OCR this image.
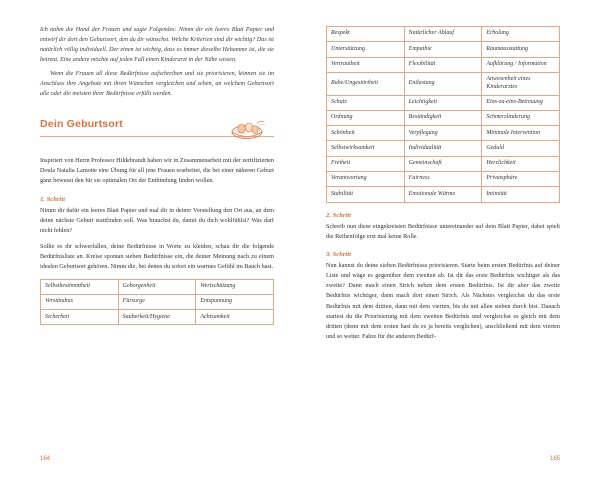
Ich nahm die Hand der Frauen und sagte Folgendes: Nimm dir ein leeres Blatt Papier und entwirf dir dort den Geburtsort, den du dir wünschst. Welche Kriterien sind dir wichtig? Das ist natürlich völlig individuell. Der einen ist wichtig, dass es immer dieselbe Hebamme ist, die sie betreut. Eine andere möchte auf jeden Fall einen Kinderarzt in der Nähe wissen.

Wenn die Frauen all diese Bedürfnisse aufschreiben und sie priorisieren, können sie im Anschluss ihre Angebote mit ihren Wünschen vergleichen und sehen, an welchem Geburtsort alle oder die meisten ihrer Bedürfnisse erfüllt werden.

Dein Geburtsort

Inspiriert von Herrn Professor Hildebrandt haben wir in Zusammenarbeit mit der zertifizierten Doula Natalia Lamotte eine Übung für all jene Frauen erarbeitet, die bei einer näheren Geburt ganz bewusst den für sie optimalen Ort der Entbindung finden wollen.

1. Schritt

Nimm dir dafür ein leeres Blatt Papier und mal dir in deiner Vorstellung den Ort aus, an dem deine nächste Geburt stattfinden soll. Was brauchst du, damit du dich wohlfühlst? Was darf nicht fehlen?

Sollte es dir schwerfallen, deine Bedürfnisse in Worte zu kleiden, schau dir die folgende Bedürfnisliste an. Kreise spontan sieben Bedürfnisse ein, die deiner Meinung nach zu einem idealen Geburtsort gehören. Nimm die, bei denen du sofort ein warmes Gefühl im Bauch hast.

Selbstbestimmtheit	Geborgenheit	Wertschätzung
Verständnis	Fürsorge	Entspannung
Sicherheit	Sauberkeit/Hygiene	Achtsamkeit
164
Respekt	Natürlicher Ablauf	Erholung
Unterstützung	Empathie	Raumausstattung
Vertrautheit	Flexibilität	Aufklärung / Information
Ruhe/Ungestörtheit	Entlastung	Anwesenheit eines Kinderarztes
Schutz	Leichtigkeit	Eins-zu-eins-Betreuung
Ordnung	Beständigkeit	Schmerzlinderung
Schönheit	Verpflegung	Minimale Intervention
Selbstwirksamkeit	Individualität	Geduld
Freiheit	Gemeinschaft	Herzlichkeit
Verantwortung	Fairness	Privatsphäre
Stabilität	Emotionale Wärme	Intimität
2. Schritt

Schreib nun diese eingekreisten Bedürfnisse untereinander auf dein Blatt Papier, dabei spielt die Reihenfolge erst mal keine Rolle.

3. Schritt

Nun kannst du deine sieben Bedürfnisse priorisieren. Starte beim ersten Bedürfnis auf deiner Liste und wäge es gegenüber dem zweiten ab. Ist dir das erste Bedürfnis wichtiger als das zweite? Dann mach einen Strich neben dem ersten Bedürfnis. Ist dir aber das zweite Bedürfnis wichtiger, dann mach dort einen Strich. Als Nächstes vergleichst du das erste Bedürfnis mit dem dritten, dann mit dem vierten, bis du mit allen sieben durch bist. Danach startest du die Priorisierung mit dem zweiten Bedürfnis und vergleichst es gleich mit dem dritten (denn mit dem ersten hast du es ja bereits verglichen), anschließend mit dem vierten und so weiter. Fahre für die anderen Bedürf-

165
